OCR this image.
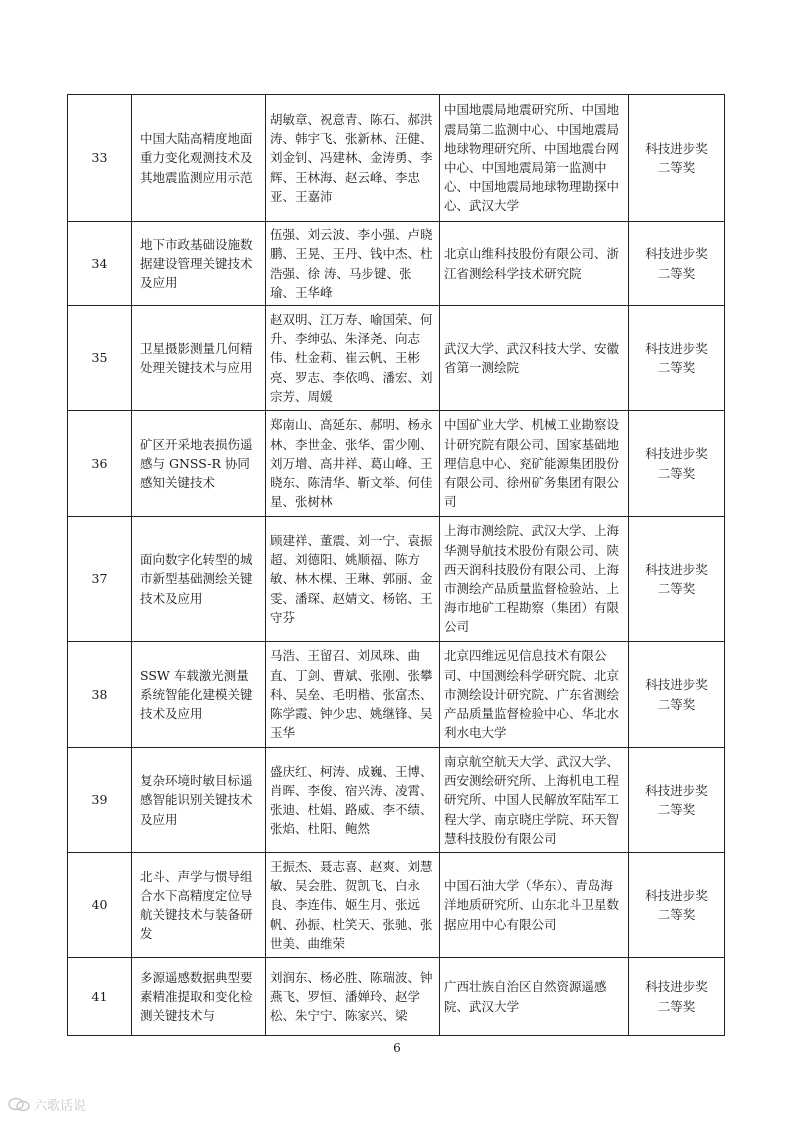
33	中国大陆高精度地面重力变化观测技术及其地震监测应用示范	胡敏章、祝意青、陈石、郝洪涛、韩宇飞、张新林、汪健、刘金钊、冯建林、金涛勇、李辉、王林海、赵云峰、李忠亚、王嘉沛	中国地震局地震研究所、中国地震局第二监测中心、中国地震局地球物理研究所、中国地震台网中心、中国地震局第一监测中心、中国地震局地球物理勘探中心、武汉大学	科技进步奖
二等奖

34	地下市政基础设施数据建设管理关键技术及应用	伍强、刘云波、李小强、卢晓鹏、王晃、王丹、钱中杰、杜浩强、徐 涛、马步键、张瑜、王华峰	北京山维科技股份有限公司、浙江省测绘科学技术研究院	科技进步奖
二等奖

35	卫星摄影测量几何精处理关键技术与应用	赵双明、江万寿、喻国荣、何升、李绅弘、朱泽尧、向志伟、杜金莉、崔云帆、王彬亮、罗志、李依鸣、潘宏、刘宗芳、周媛	武汉大学、武汉科技大学、安徽省第一测绘院	科技进步奖
二等奖

36	矿区开采地表损伤遥感与 GNSS-R 协同感知关键技术	郑南山、高延东、郝明、杨永林、李世金、张华、雷少刚、刘万增、高井祥、葛山峰、王晓东、陈清华、靳文举、何佳星、张树林	中国矿业大学、机械工业勘察设计研究院有限公司、国家基础地理信息中心、兖矿能源集团股份有限公司、徐州矿务集团有限公司	科技进步奖
二等奖

37	面向数字化转型的城市新型基础测绘关键技术及应用	顾建祥、董震、刘一宁、袁振超、刘德阳、姚顺福、陈方敏、林木棵、王琳、郭丽、金雯、潘琛、赵婧文、杨铭、王守芬	上海市测绘院、武汉大学、上海华测导航技术股份有限公司、陕西天润科技股份有限公司、上海市测绘产品质量监督检验站、上海市地矿工程勘察（集团）有限公司	科技进步奖
二等奖

38	SSW 车载激光测量系统智能化建模关键技术及应用	马浩、王留召、刘凤珠、曲直、丁剑、曹斌、张刚、张攀科、吴垒、毛明楷、张富杰、陈学霞、钟少忠、姚继锋、吴玉华	北京四维远见信息技术有限公司、中国测绘科学研究院、北京市测绘设计研究院、广东省测绘产品质量监督检验中心、华北水利水电大学	科技进步奖
二等奖

39	复杂环境时敏目标遥感智能识别关键技术及应用	盛庆红、柯涛、成巍、王博、肖晖、李俊、宿兴涛、凌霄、张迪、杜娟、路威、李不绩、张焰、杜阳、鲍然	南京航空航天大学、武汉大学、西安测绘研究所、上海机电工程研究所、中国人民解放军陆军工程大学、南京晓庄学院、环天智慧科技股份有限公司	科技进步奖
二等奖

40	北斗、声学与惯导组合水下高精度定位导航关键技术与装备研发	王振杰、聂志喜、赵爽、刘慧敏、吴会胜、贺凯飞、白永良、李连伟、姬生月、张远帆、孙振、杜笑天、张驰、张世美、曲维荣	中国石油大学（华东）、青岛海洋地质研究所、山东北斗卫星数据应用中心有限公司	科技进步奖
二等奖

41	多源遥感数据典型要素精准提取和变化检测关键技术与	刘润东、杨必胜、陈瑞波、钟燕飞、罗恒、潘婵玲、赵学松、朱宁宁、陈家兴、梁	广西壮族自治区自然资源遥感院、武汉大学	科技进步奖
二等奖
6
六歌话说
